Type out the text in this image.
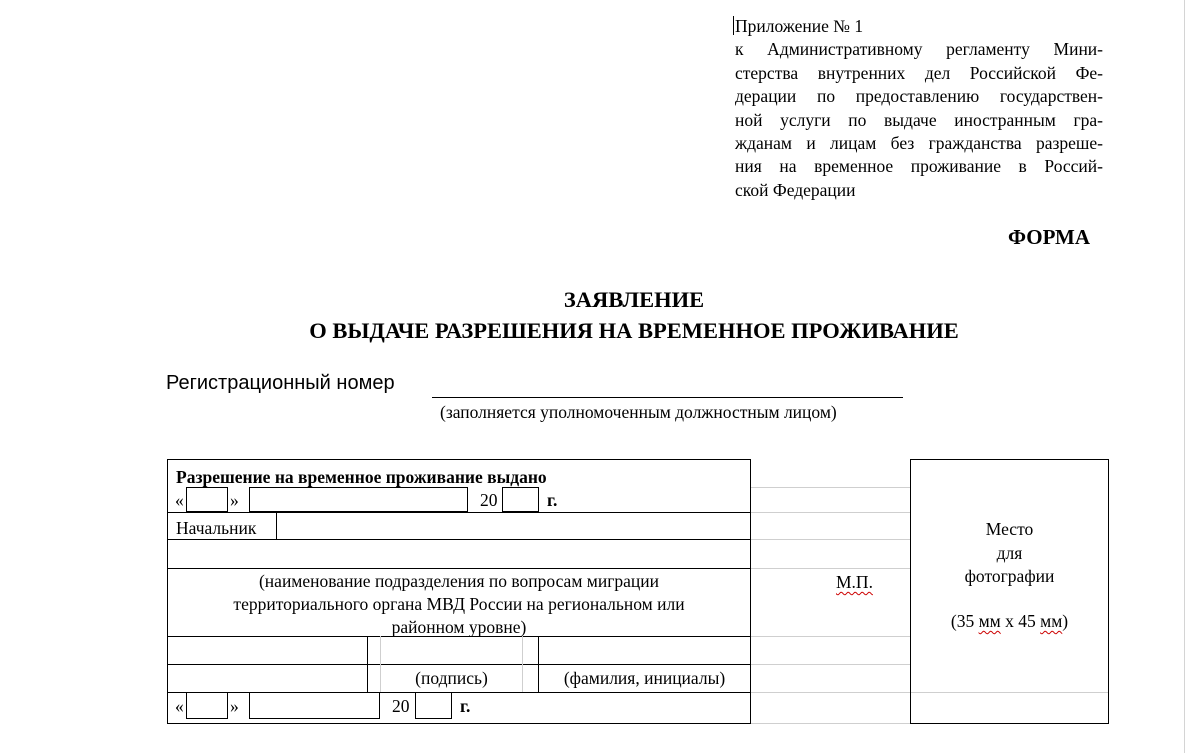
Приложение № 1
к Административному регламенту Мини-
стерства внутренних дел Российской Фе-
дерации по предоставлению государствен-
ной услуги по выдаче иностранным гра-
жданам и лицам без гражданства разреше-
ния на временное проживание в Россий-
ской Федерации
ФОРМА
ЗАЯВЛЕНИЕ
О ВЫДАЧЕ РАЗРЕШЕНИЯ НА ВРЕМЕННОЕ ПРОЖИВАНИЕ
Регистрационный номер
(заполняется уполномоченным должностным лицом)
Разрешение на временное проживание выдано
«	»	20	г.
Начальник
(наименование подразделения по вопросам миграции
территориального органа МВД России на региональном или
районном уровне)
(подпись)	(фамилия, инициалы)
«	»	20	г.
М.П.
Место
для
фотографии
(35 мм х 45 мм)
